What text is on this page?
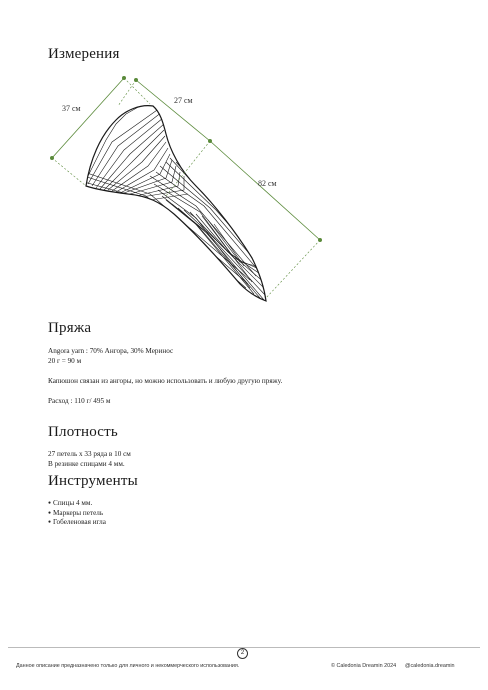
Измерения
37 см
27 см
82 см
Пряжа

Angora yarn : 70% Ангора, 30% Меринос

20 г = 90 м

Капюшон связан из ангоры, но можно использовать и любую другую пряжу.

Расход : 110 г/ 495 м

Плотность

27 петель x 33 ряда в 10 см

В резинке спицами 4 мм.

Инструменты
● Спицы 4 мм.
● Маркеры петель
● Гобеленовая игла
2
Данное описание предназначено только для личного и некоммерческого использования.	© Caledonia Dreamin 2024 @caledonia.dreamin
